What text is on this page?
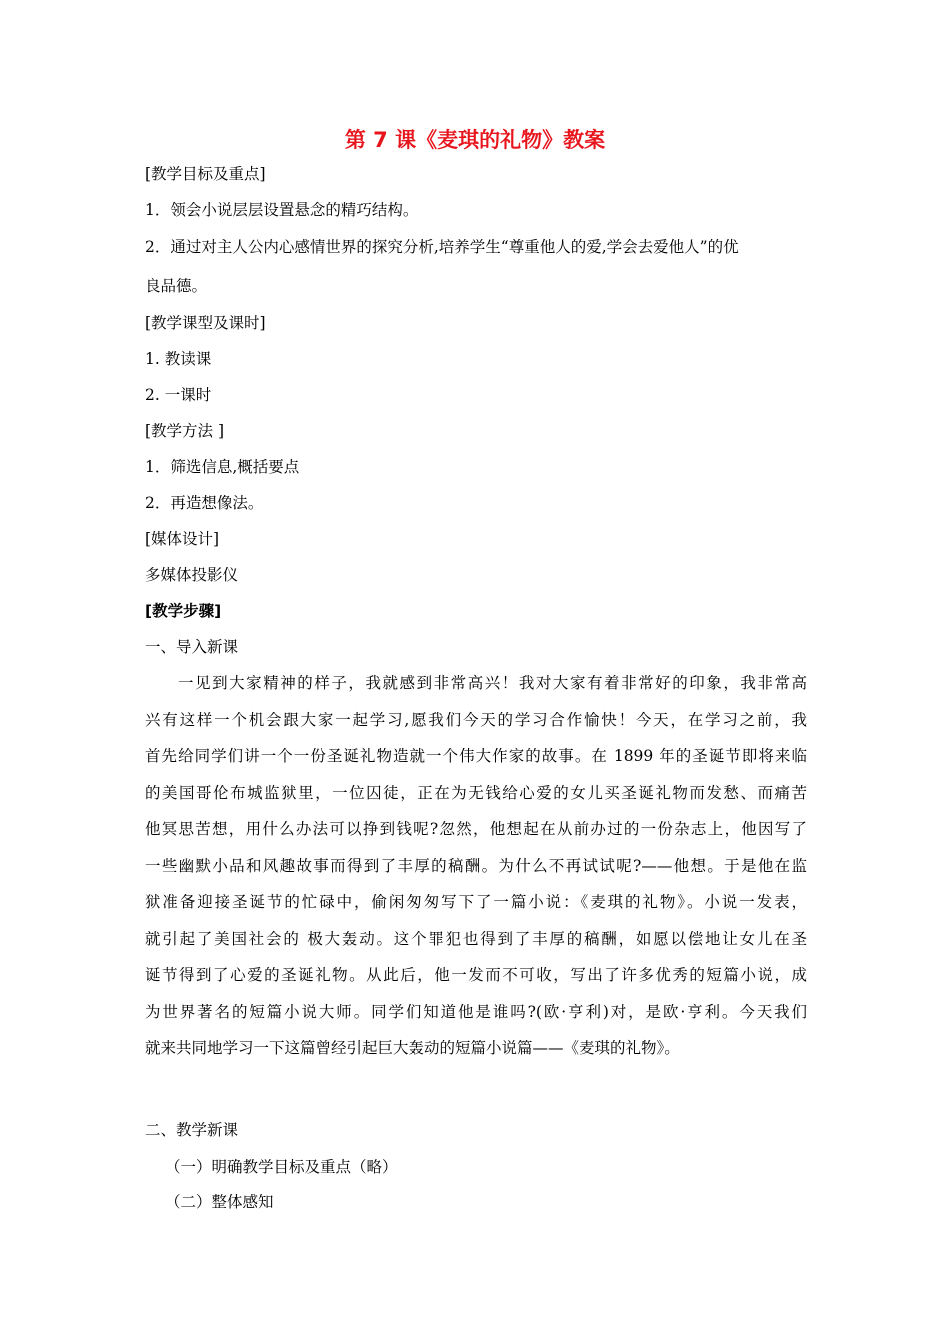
第 7 课《麦琪的礼物》教案
[教学目标及重点]
1．领会小说层层设置悬念的精巧结构。
2．通过对主人公内心感情世界的探究分析,培养学生“尊重他人的爱,学会去爱他人”的优
良品德。
[教学课型及课时]
1. 教读课
2. 一课时
[教学方法 ]
1．筛选信息,概括要点
2．再造想像法。
[媒体设计]
多媒体投影仪
[教学步骤]
一、导入新课
一见到大家精神的样子，我就感到非常高兴！我对大家有着非常好的印象，我非常高
兴有这样一个机会跟大家一起学习,愿我们今天的学习合作愉快！今天，在学习之前，我
首先给同学们讲一个一份圣诞礼物造就一个伟大作家的故事。在 1899 年的圣诞节即将来临
的美国哥伦布城监狱里，一位囚徒，正在为无钱给心爱的女儿买圣诞礼物而发愁、而痛苦
他冥思苦想，用什么办法可以挣到钱呢?忽然，他想起在从前办过的一份杂志上，他因写了
一些幽默小品和风趣故事而得到了丰厚的稿酬。为什么不再试试呢?——他想。于是他在监
狱准备迎接圣诞节的忙碌中，偷闲匆匆写下了一篇小说：《麦琪的礼物》。小说一发表，
就引起了美国社会的 极大轰动。这个罪犯也得到了丰厚的稿酬，如愿以偿地让女儿在圣
诞节得到了心爱的圣诞礼物。从此后，他一发而不可收，写出了许多优秀的短篇小说，成
为世界著名的短篇小说大师。同学们知道他是谁吗?(欧·亨利)对，是欧·亨利。今天我们
就来共同地学习一下这篇曾经引起巨大轰动的短篇小说篇——《麦琪的礼物》。
二、教学新课
（一）明确教学目标及重点（略）
（二）整体感知
